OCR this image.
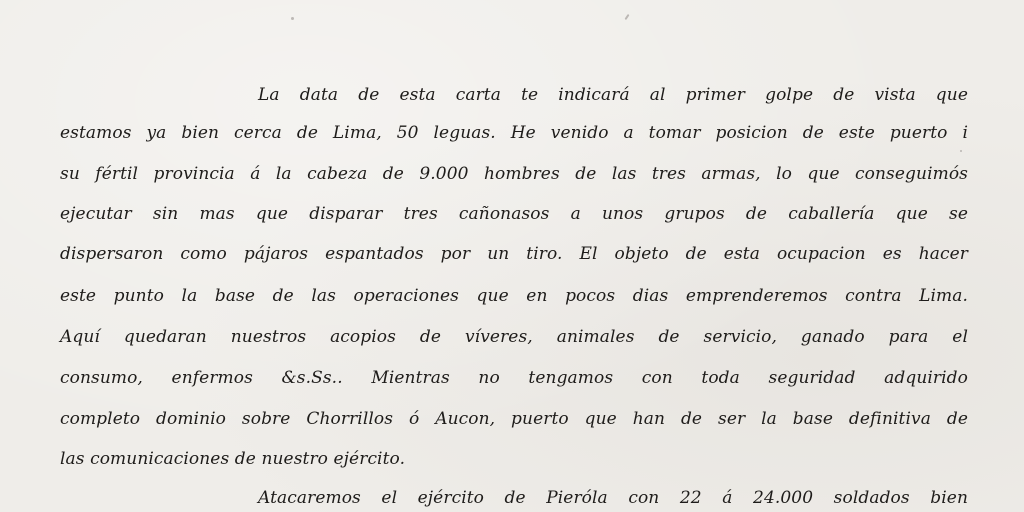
La data de esta carta te indicará al primer golpe de vista que

estamos ya bien cerca de Lima, 50 leguas. He venido a tomar posicion de este puerto i

su fértil provincia á la cabeza de 9.000 hombres de las tres armas, lo que conseguimós

ejecutar sin mas que disparar tres cañonasos a unos grupos de caballería que se

dispersaron como pájaros espantados por un tiro. El objeto de esta ocupacion es hacer

este punto la base de las operaciones que en pocos dias emprenderemos contra Lima.

Aquí quedaran nuestros acopios de víveres, animales de servicio, ganado para el

consumo, enfermos &s.Ss.. Mientras no tengamos con toda seguridad adquirido

completo dominio sobre Chorrillos ó Aucon, puerto que han de ser la base definitiva de

las comunicaciones de nuestro ejército.

Atacaremos el ejército de Pieróla con 22 á 24.000 soldados bien
